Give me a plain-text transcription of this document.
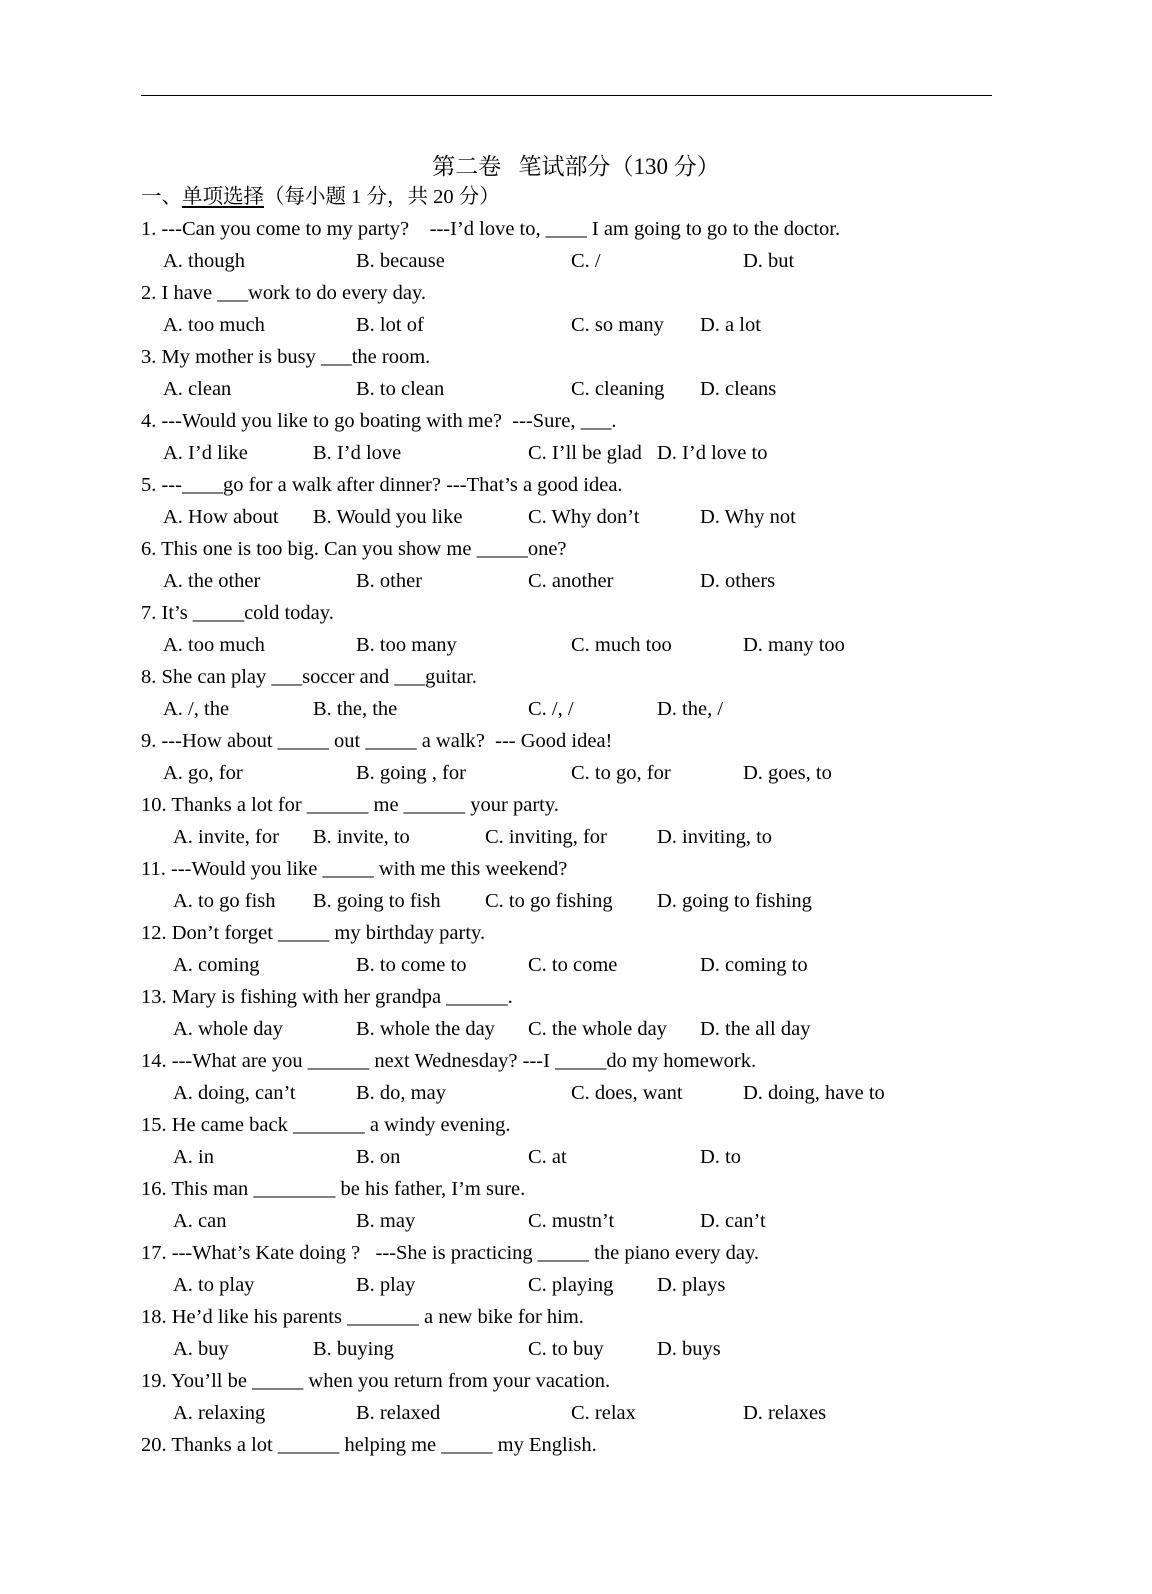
第二卷   笔试部分（130 分）
一、单项选择（每小题 1 分，共 20 分）
1. ---Can you come to my party?    ---I’d love to, ____ I am going to go to the doctor.
A. though	B. because	C. /	D. but
2. I have ___work to do every day.
A. too much	B. lot of	C. so many D. a lot
3. My mother is busy ___the room.
A. clean	B. to clean	C. cleaning D. cleans
4. ---Would you like to go boating with me?  ---Sure, ___.
A. I’d like	B. I’d love	C. I’ll be glad D. I’d love to
5. ---____go for a walk after dinner? ---That’s a good idea.
A. How about B. Would you like	C. Why don’t	D. Why not
6. This one is too big. Can you show me _____one?
A. the other	B. other	C. another	D. others
7. It’s _____cold today.
A. too much	B. too many	C. much too	D. many too
8. She can play ___soccer and ___guitar.
A. /, the	B. the, the	C. /, /	D. the, /
9. ---How about _____ out _____ a walk?  --- Good idea!
A. go, for	B. going , for	C. to go, for	D. goes, to
10. Thanks a lot for ______ me ______ your party.
A. invite, for B. invite, to	C. inviting, for D. inviting, to
11. ---Would you like _____ with me this weekend?
A. to go fish B. going to fish C. to go fishing D. going to fishing
12. Don’t forget _____ my birthday party.
A. coming	B. to come to	C. to come	D. coming to
13. Mary is fishing with her grandpa ______.
A. whole day	B. whole the day C. the whole day D. the all day
14. ---What are you ______ next Wednesday? ---I _____do my homework.
A. doing, can’t	B. do, may	C. does, want	D. doing, have to
15. He came back _______ a windy evening.
A. in	B. on	C. at	D. to
16. This man ________ be his father, I’m sure.
A. can	B. may	C. mustn’t	D. can’t
17. ---What’s Kate doing ?   ---She is practicing _____ the piano every day.
A. to play	B. play	C. playing D. plays
18. He’d like his parents _______ a new bike for him.
A. buy	B. buying	C. to buy	D. buys
19. You’ll be _____ when you return from your vacation.
A. relaxing	B. relaxed	C. relax	D. relaxes
20. Thanks a lot ______ helping me _____ my English.
